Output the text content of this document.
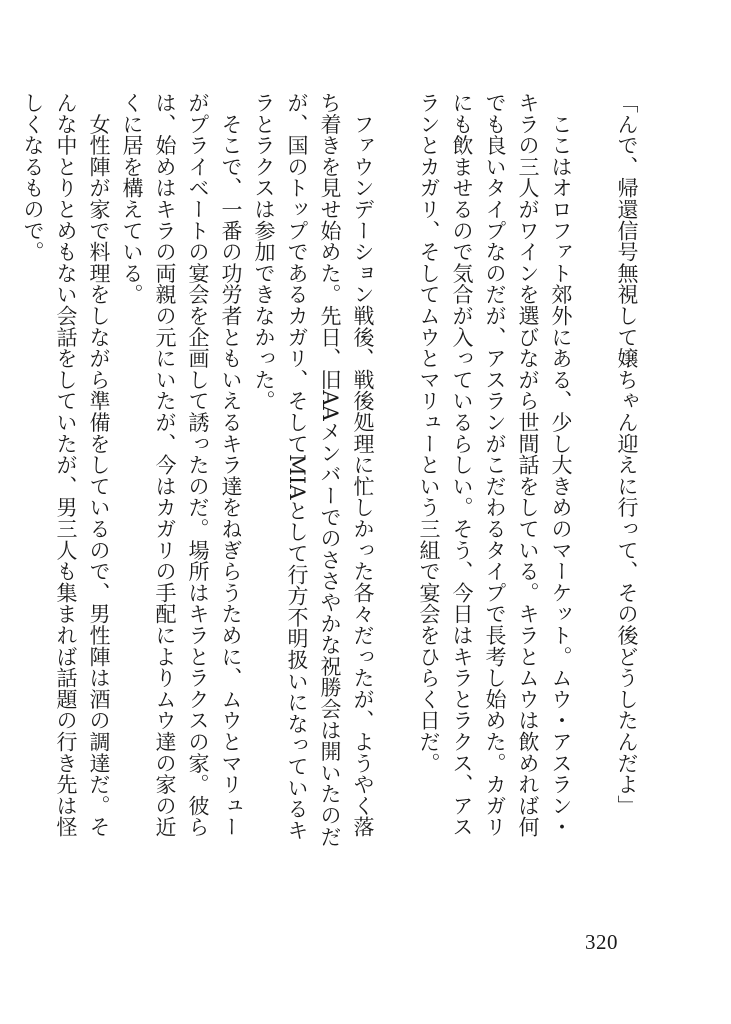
「んで、帰還信号無視して嬢ちゃん迎えに行って、その後どうしたんだよ」

　ここはオロファト郊外にある、少し大きめのマーケット。ムウ・アスラン・キラの三人がワインを選びながら世間話をしている。キラとムウは飲めれば何でも良いタイプなのだが、アスランがこだわるタイプで長考し始めた。カガリにも飲ませるので気合が入っているらしい。そう、今日はキラとラクス、アスランとカガリ、そしてムウとマリューという三組で宴会をひらく日だ。

　ファウンデーション戦後、戦後処理に忙しかった各々だったが、ようやく落ち着きを見せ始めた。先日、旧AAメンバーでのささやかな祝勝会は開いたのだが、国のトップであるカガリ、そしてMIAとして行方不明扱いになっているキラとラクスは参加できなかった。

　そこで、一番の功労者ともいえるキラ達をねぎらうために、ムウとマリューがプライベートの宴会を企画して誘ったのだ。場所はキラとラクスの家。彼らは、始めはキラの両親の元にいたが、今はカガリの手配によりムウ達の家の近くに居を構えている。

　女性陣が家で料理をしながら準備をしているので、男性陣は酒の調達だ。そんな中とりとめもない会話をしていたが、男三人も集まれば話題の行き先は怪しくなるもので。

320
